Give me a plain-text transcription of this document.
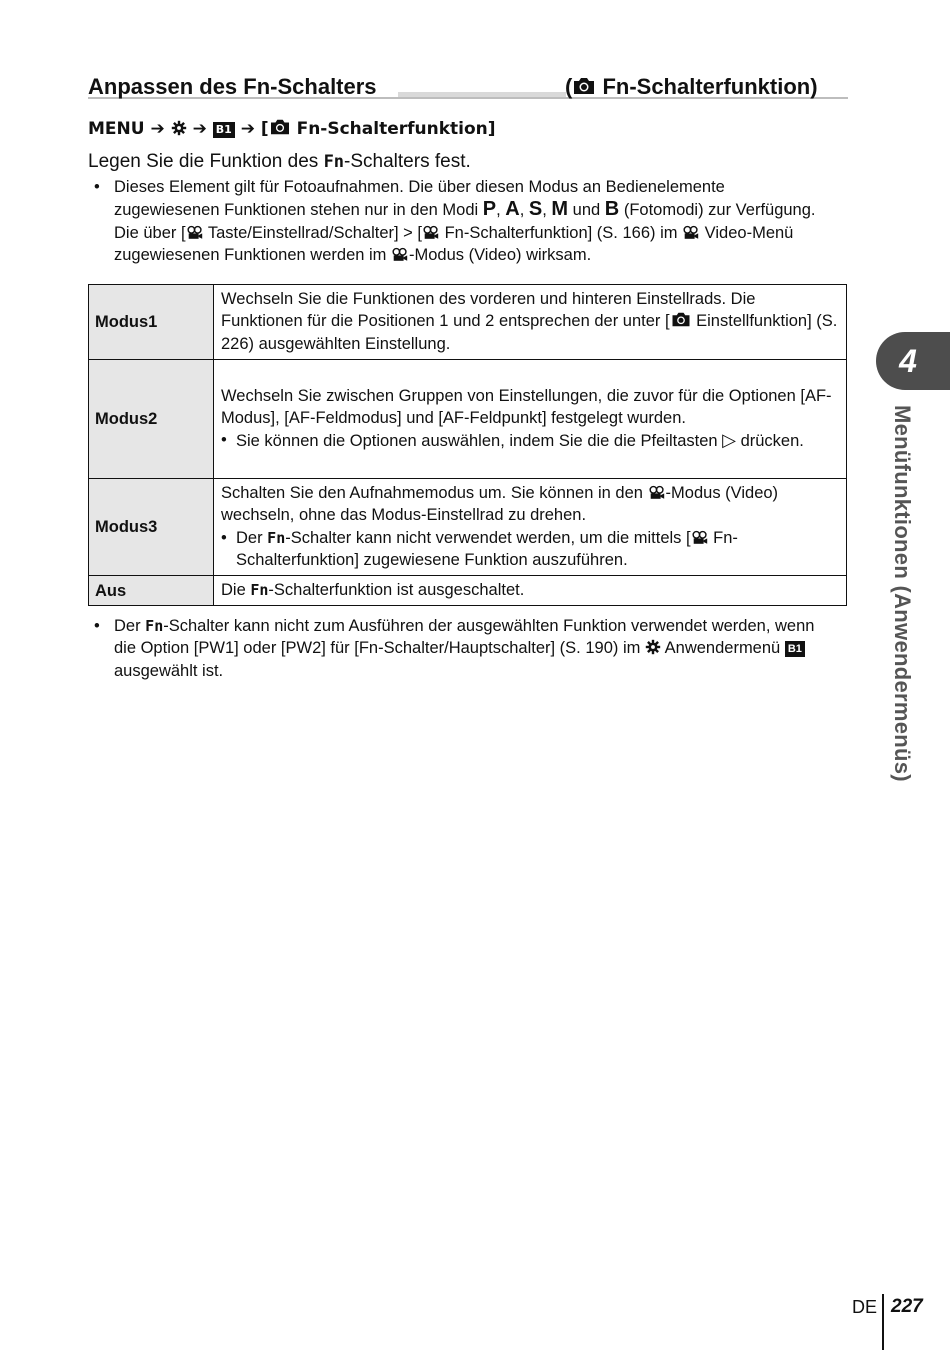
Anpassen des Fn-Schalters	( Fn-Schalterfunktion)
MENU ➔ ➔ B1 ➔ [ Fn-Schalterfunktion]
Legen Sie die Funktion des Fn-Schalters fest.
• Dieses Element gilt für Fotoaufnahmen. Die über diesen Modus an Bedienelemente zugewiesenen Funktionen stehen nur in den Modi P, A, S, M und B (Fotomodi) zur Verfügung. Die über [ Taste/Einstellrad/Schalter] > [ Fn-Schalterfunktion] (S. 166) im  Video-Menü zugewiesenen Funktionen werden im -Modus (Video) wirksam.
Modus1	Wechseln Sie die Funktionen des vorderen und hinteren Einstellrads. Die Funktionen für die Positionen 1 und 2 entsprechen der unter [ Einstellfunktion] (S. 226) ausgewählten Einstellung.
Modus2	Wechseln Sie zwischen Gruppen von Einstellungen, die zuvor für die Optionen [AF-Modus], [AF-Feldmodus] und [AF-Feldpunkt] festgelegt wurden.
• Sie können die Optionen auswählen, indem Sie die die Pfeiltasten ▷ drücken.

Modus3	Schalten Sie den Aufnahmemodus um. Sie können in den -Modus (Video) wechseln, ohne das Modus-Einstellrad zu drehen.
• Der Fn-Schalter kann nicht verwendet werden, um die mittels [ Fn-Schalterfunktion] zugewiesene Funktion auszuführen.

Aus	Die Fn-Schalterfunktion ist ausgeschaltet.
• Der Fn-Schalter kann nicht zum Ausführen der ausgewählten Funktion verwendet werden, wenn die Option [PW1] oder [PW2] für [Fn-Schalter/Hauptschalter] (S. 190) im  Anwendermenü B1 ausgewählt ist.
4
Menüfunktionen (Anwendermenüs)
DE 227
